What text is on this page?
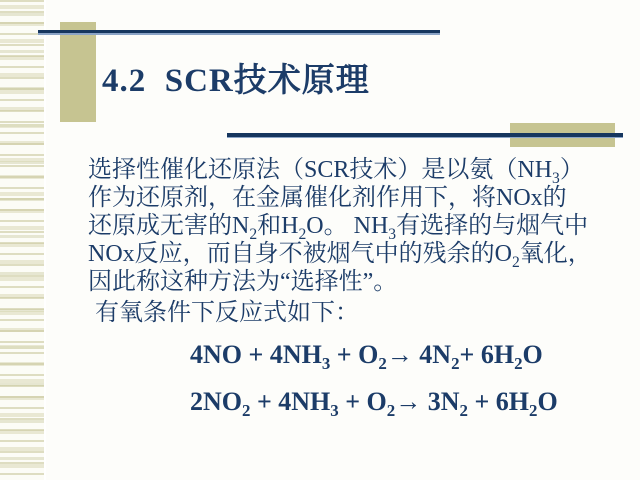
4.2  SCR技术原理
选择性催化还原法（SCR技术）是以氨$(NH_3)$
作为还原剂，在金属催化剂作用下，将NOx的
还原成无害的$N_2$和$H_2O$。 $NH_3$有选择的与烟气中
NOx反应，而自身不被烟气中的残余的$O_2$氧化，
因此称这种方法为“选择性”。
有氧条件下反应式如下：
$4NO + 4NH_3 + O_2\to 4N_2+ 6H_2O$
$2NO_2 + 4NH_3 + O_2\to 3N_2 + 6H_2O$
